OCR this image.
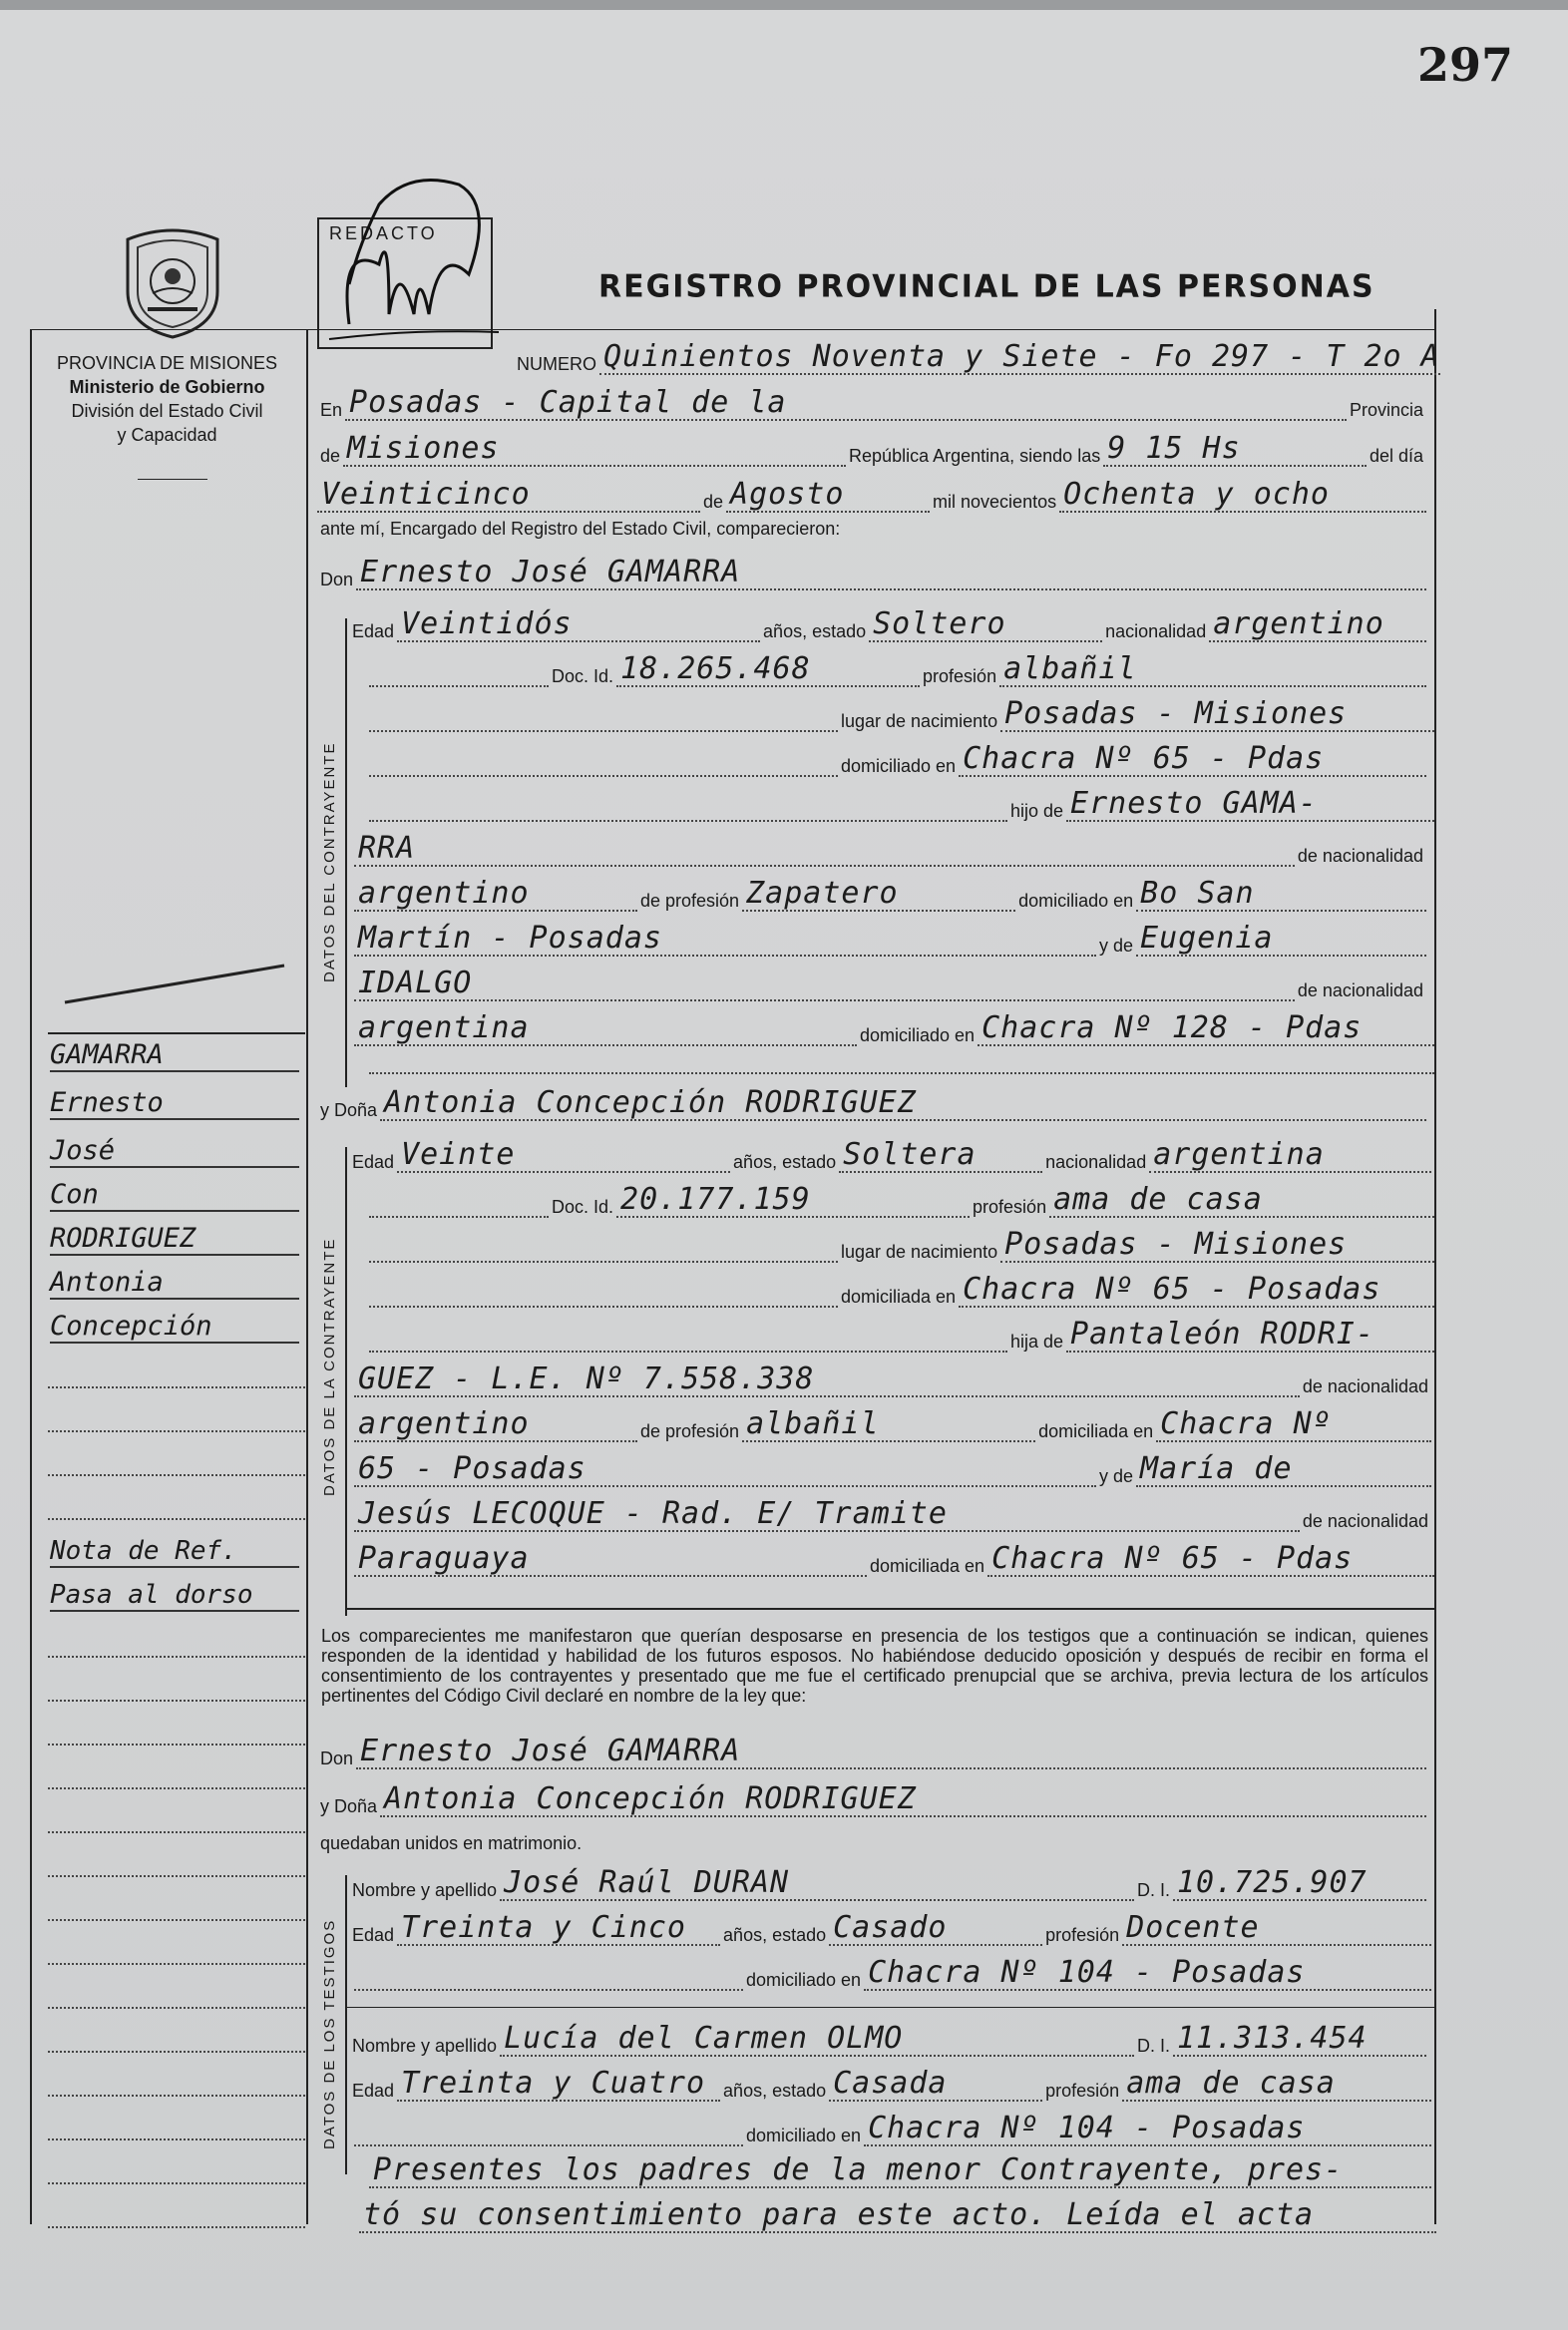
297
REDACTO
PROVINCIA DE MISIONES
Ministerio de Gobierno
División del Estado Civil
y Capacidad
REGISTRO PROVINCIAL DE LAS PERSONAS
NUMERO Quinientos Noventa y Siete - Fo 297 - T 2o A
En Posadas - Capital de la	Provincia
de Misiones	República Argentina, siendo las 9 15 Hs	del día
Veinticinco	de Agosto	mil novecientos Ochenta y ocho
ante mí, Encargado del Registro del Estado Civil, comparecieron:
Don Ernesto José GAMARRA
DATOS DEL CONTRAYENTE
Edad Veintidós	años, estado Soltero	nacionalidad argentino
Doc. Id. 18.265.468	profesión albañil
lugar de nacimiento Posadas - Misiones
domiciliado en Chacra Nº 65 - Pdas
hijo de Ernesto GAMA-
RRA	de nacionalidad
argentino	de profesión Zapatero	domiciliado en Bo San
Martín - Posadas	y de Eugenia
IDALGO	de nacionalidad
argentina	domiciliado en Chacra Nº 128 - Pdas
y Doña Antonia Concepción RODRIGUEZ
DATOS DE LA CONTRAYENTE
Edad Veinte	años, estado Soltera	nacionalidad argentina
Doc. Id. 20.177.159	profesión ama de casa
lugar de nacimiento Posadas - Misiones
domiciliada en Chacra Nº 65 - Posadas
hija de Pantaleón RODRI-
GUEZ - L.E. Nº 7.558.338	de nacionalidad
argentino	de profesión albañil	domiciliada en Chacra Nº
65 - Posadas	y de María de
Jesús LECOQUE - Rad. E/ Tramite	de nacionalidad
Paraguaya	domiciliada en Chacra Nº 65 - Pdas
Los comparecientes me manifestaron que querían desposarse en presencia de los testigos que a continuación se indican, quienes responden de la identidad y habilidad de los futuros esposos. No habiéndose deducido oposición y después de recibir en forma el consentimiento de los contrayentes y presentado que me fue el certificado prenupcial que se archiva, previa lectura de los artículos pertinentes del Código Civil declaré en nombre de la ley que:
Don Ernesto José GAMARRA
y Doña Antonia Concepción RODRIGUEZ
quedaban unidos en matrimonio.
DATOS DE LOS TESTIGOS
Nombre y apellido José Raúl DURAN	D. I. 10.725.907
Edad Treinta y Cinco	años, estado Casado	profesión Docente
domiciliado en Chacra Nº 104 - Posadas
Nombre y apellido Lucía del Carmen OLMO	D. I. 11.313.454
Edad Treinta y Cuatro	años, estado Casada	profesión ama de casa
domiciliado en Chacra Nº 104 - Posadas
Presentes los padres de la menor Contrayente, pres-
tó su consentimiento para este acto. Leída el acta
GAMARRA
Ernesto
José
Con
RODRIGUEZ
Antonia
Concepción
Nota de Ref.
Pasa al dorso
